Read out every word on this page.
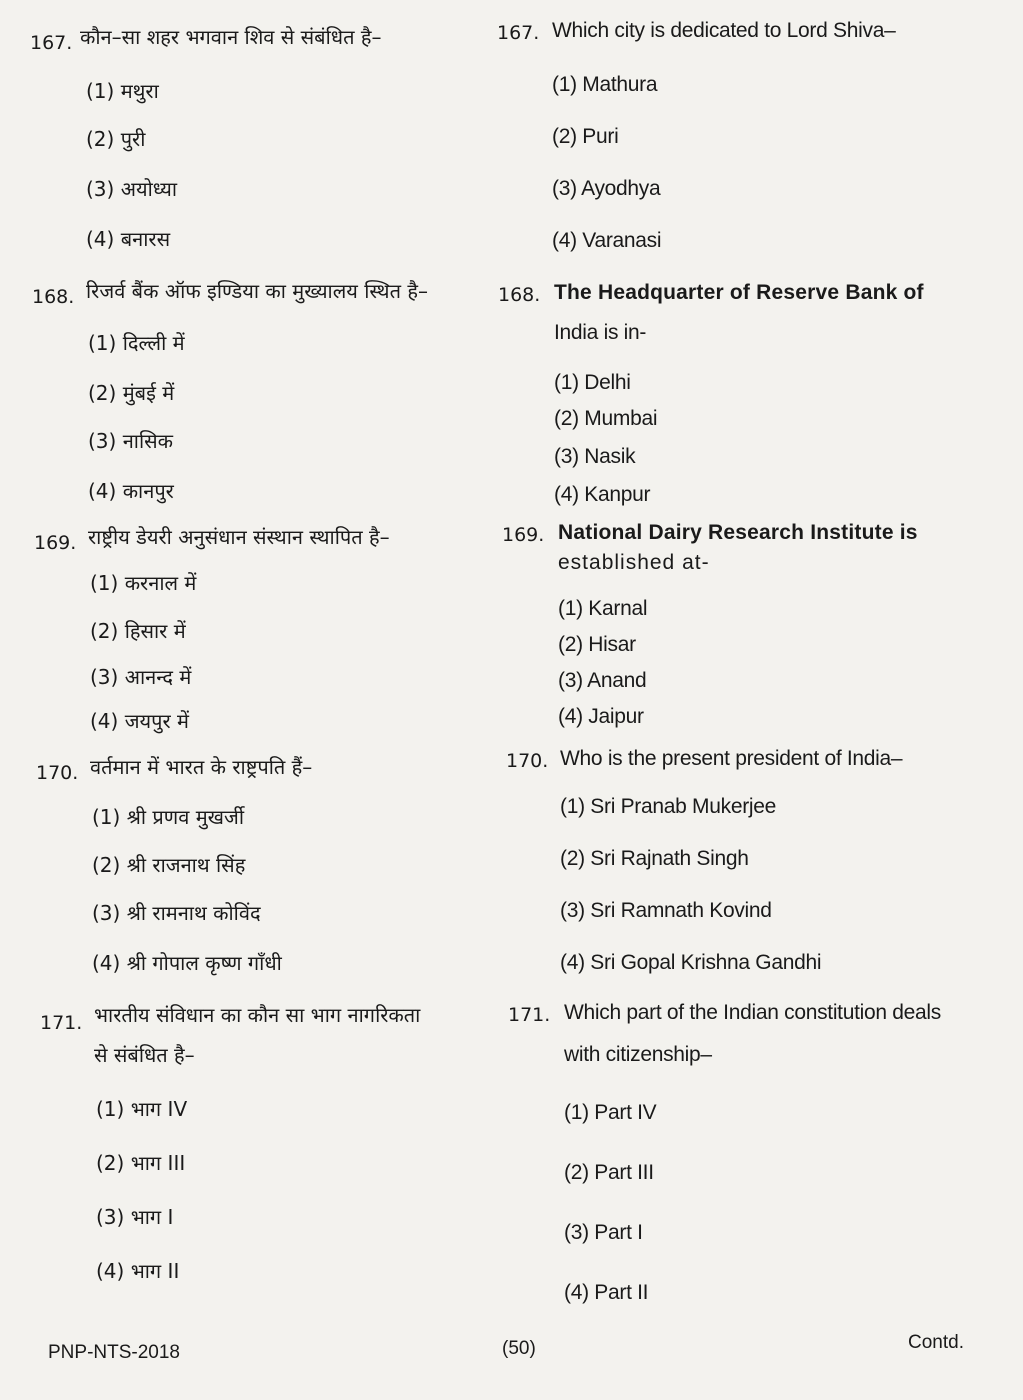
167. कौन–सा शहर भगवान शिव से संबंधित है–
(1) मथुरा
(2) पुरी
(3) अयोध्या
(4) बनारस
167. Which city is dedicated to Lord Shiva–
(1) Mathura
(2) Puri
(3) Ayodhya
(4) Varanasi
168. रिजर्व बैंक ऑफ इण्डिया का मुख्यालय स्थित है–
(1) दिल्ली में
(2) मुंबई में
(3) नासिक
(4) कानपुर
168. The Headquarter of Reserve Bank of
India is in-
(1) Delhi
(2) Mumbai
(3) Nasik
(4) Kanpur
169. राष्ट्रीय डेयरी अनुसंधान संस्थान स्थापित है–
(1) करनाल में
(2) हिसार में
(3) आनन्द में
(4) जयपुर में
169. National Dairy Research Institute is
established at-
(1) Karnal
(2) Hisar
(3) Anand
(4) Jaipur
170. वर्तमान में भारत के राष्ट्रपति हैं–
(1) श्री प्रणव मुखर्जी
(2) श्री राजनाथ सिंह
(3) श्री रामनाथ कोविंद
(4) श्री गोपाल कृष्ण गाँधी
170. Who is the present president of India–
(1) Sri Pranab Mukerjee
(2) Sri Rajnath Singh
(3) Sri Ramnath Kovind
(4) Sri Gopal Krishna Gandhi
171. भारतीय संविधान का कौन सा भाग नागरिकता
से संबंधित है–
(1) भाग IV
(2) भाग III
(3) भाग I
(4) भाग II
171. Which part of the Indian constitution deals
with citizenship–
(1) Part IV
(2) Part III
(3) Part I
(4) Part II
PNP-NTS-2018	(50)	Contd.
